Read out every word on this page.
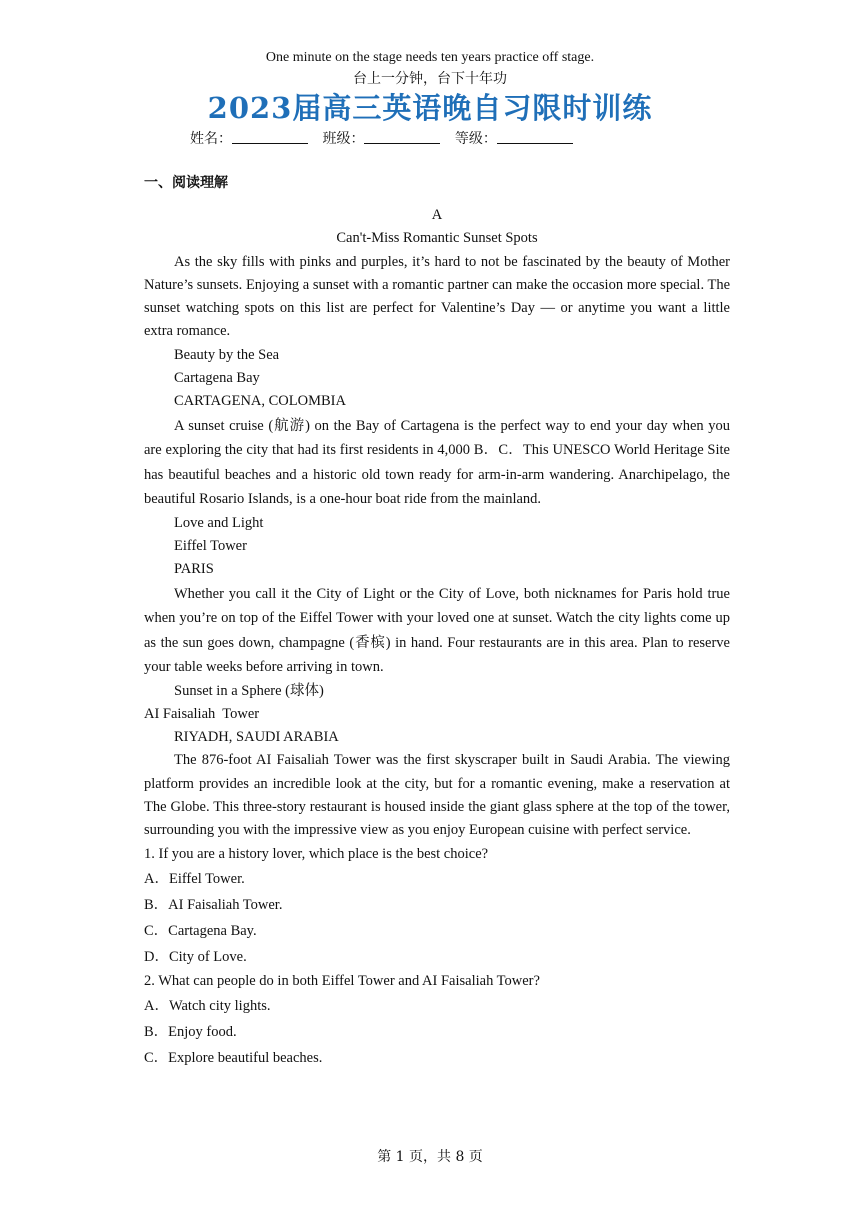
One minute on the stage needs ten years practice off stage.
台上一分钟，台下十年功
2023届高三英语晚自习限时训练
姓名：	班级：	等级：
一、阅读理解

A

Can't-Miss Romantic Sunset Spots

As the sky fills with pinks and purples, it’s hard to not be fascinated by the beauty of Mother Nature’s sunsets. Enjoying a sunset with a romantic partner can make the occasion more special. The sunset watching spots on this list are perfect for Valentine’s Day — or anytime you want a little extra romance.

Beauty by the Sea

Cartagena Bay

CARTAGENA, COLOMBIA

A sunset cruise (航游) on the Bay of Cartagena is the perfect way to end your day when you are exploring the city that had its first residents in 4,000 B．C．This UNESCO World Heritage Site has beautiful beaches and a historic old town ready for arm-in-arm wandering. Anarchipelago, the beautiful Rosario Islands, is a one-hour boat ride from the mainland.

Love and Light

Eiffel Tower

PARIS

Whether you call it the City of Light or the City of Love, both nicknames for Paris hold true when you’re on top of the Eiffel Tower with your loved one at sunset. Watch the city lights come up as the sun goes down, champagne (香槟) in hand. Four restaurants are in this area. Plan to reserve your table weeks before arriving in town.

Sunset in a Sphere (球体)

AI Faisaliah  Tower

RIYADH, SAUDI ARABIA

The 876-foot AI Faisaliah Tower was the first skyscraper built in Saudi Arabia. The viewing platform provides an incredible look at the city, but for a romantic evening, make a reservation at The Globe. This three-story restaurant is housed inside the giant glass sphere at the top of the tower, surrounding you with the impressive view as you enjoy European cuisine with perfect service.

1. If you are a history lover, which place is the best choice?

A．Eiffel Tower.

B．AI Faisaliah Tower.

C．Cartagena Bay.

D．City of Love.

2. What can people do in both Eiffel Tower and AI Faisaliah Tower?

A．Watch city lights.

B．Enjoy food.

C．Explore beautiful beaches.

第 1 页，共 8 页
